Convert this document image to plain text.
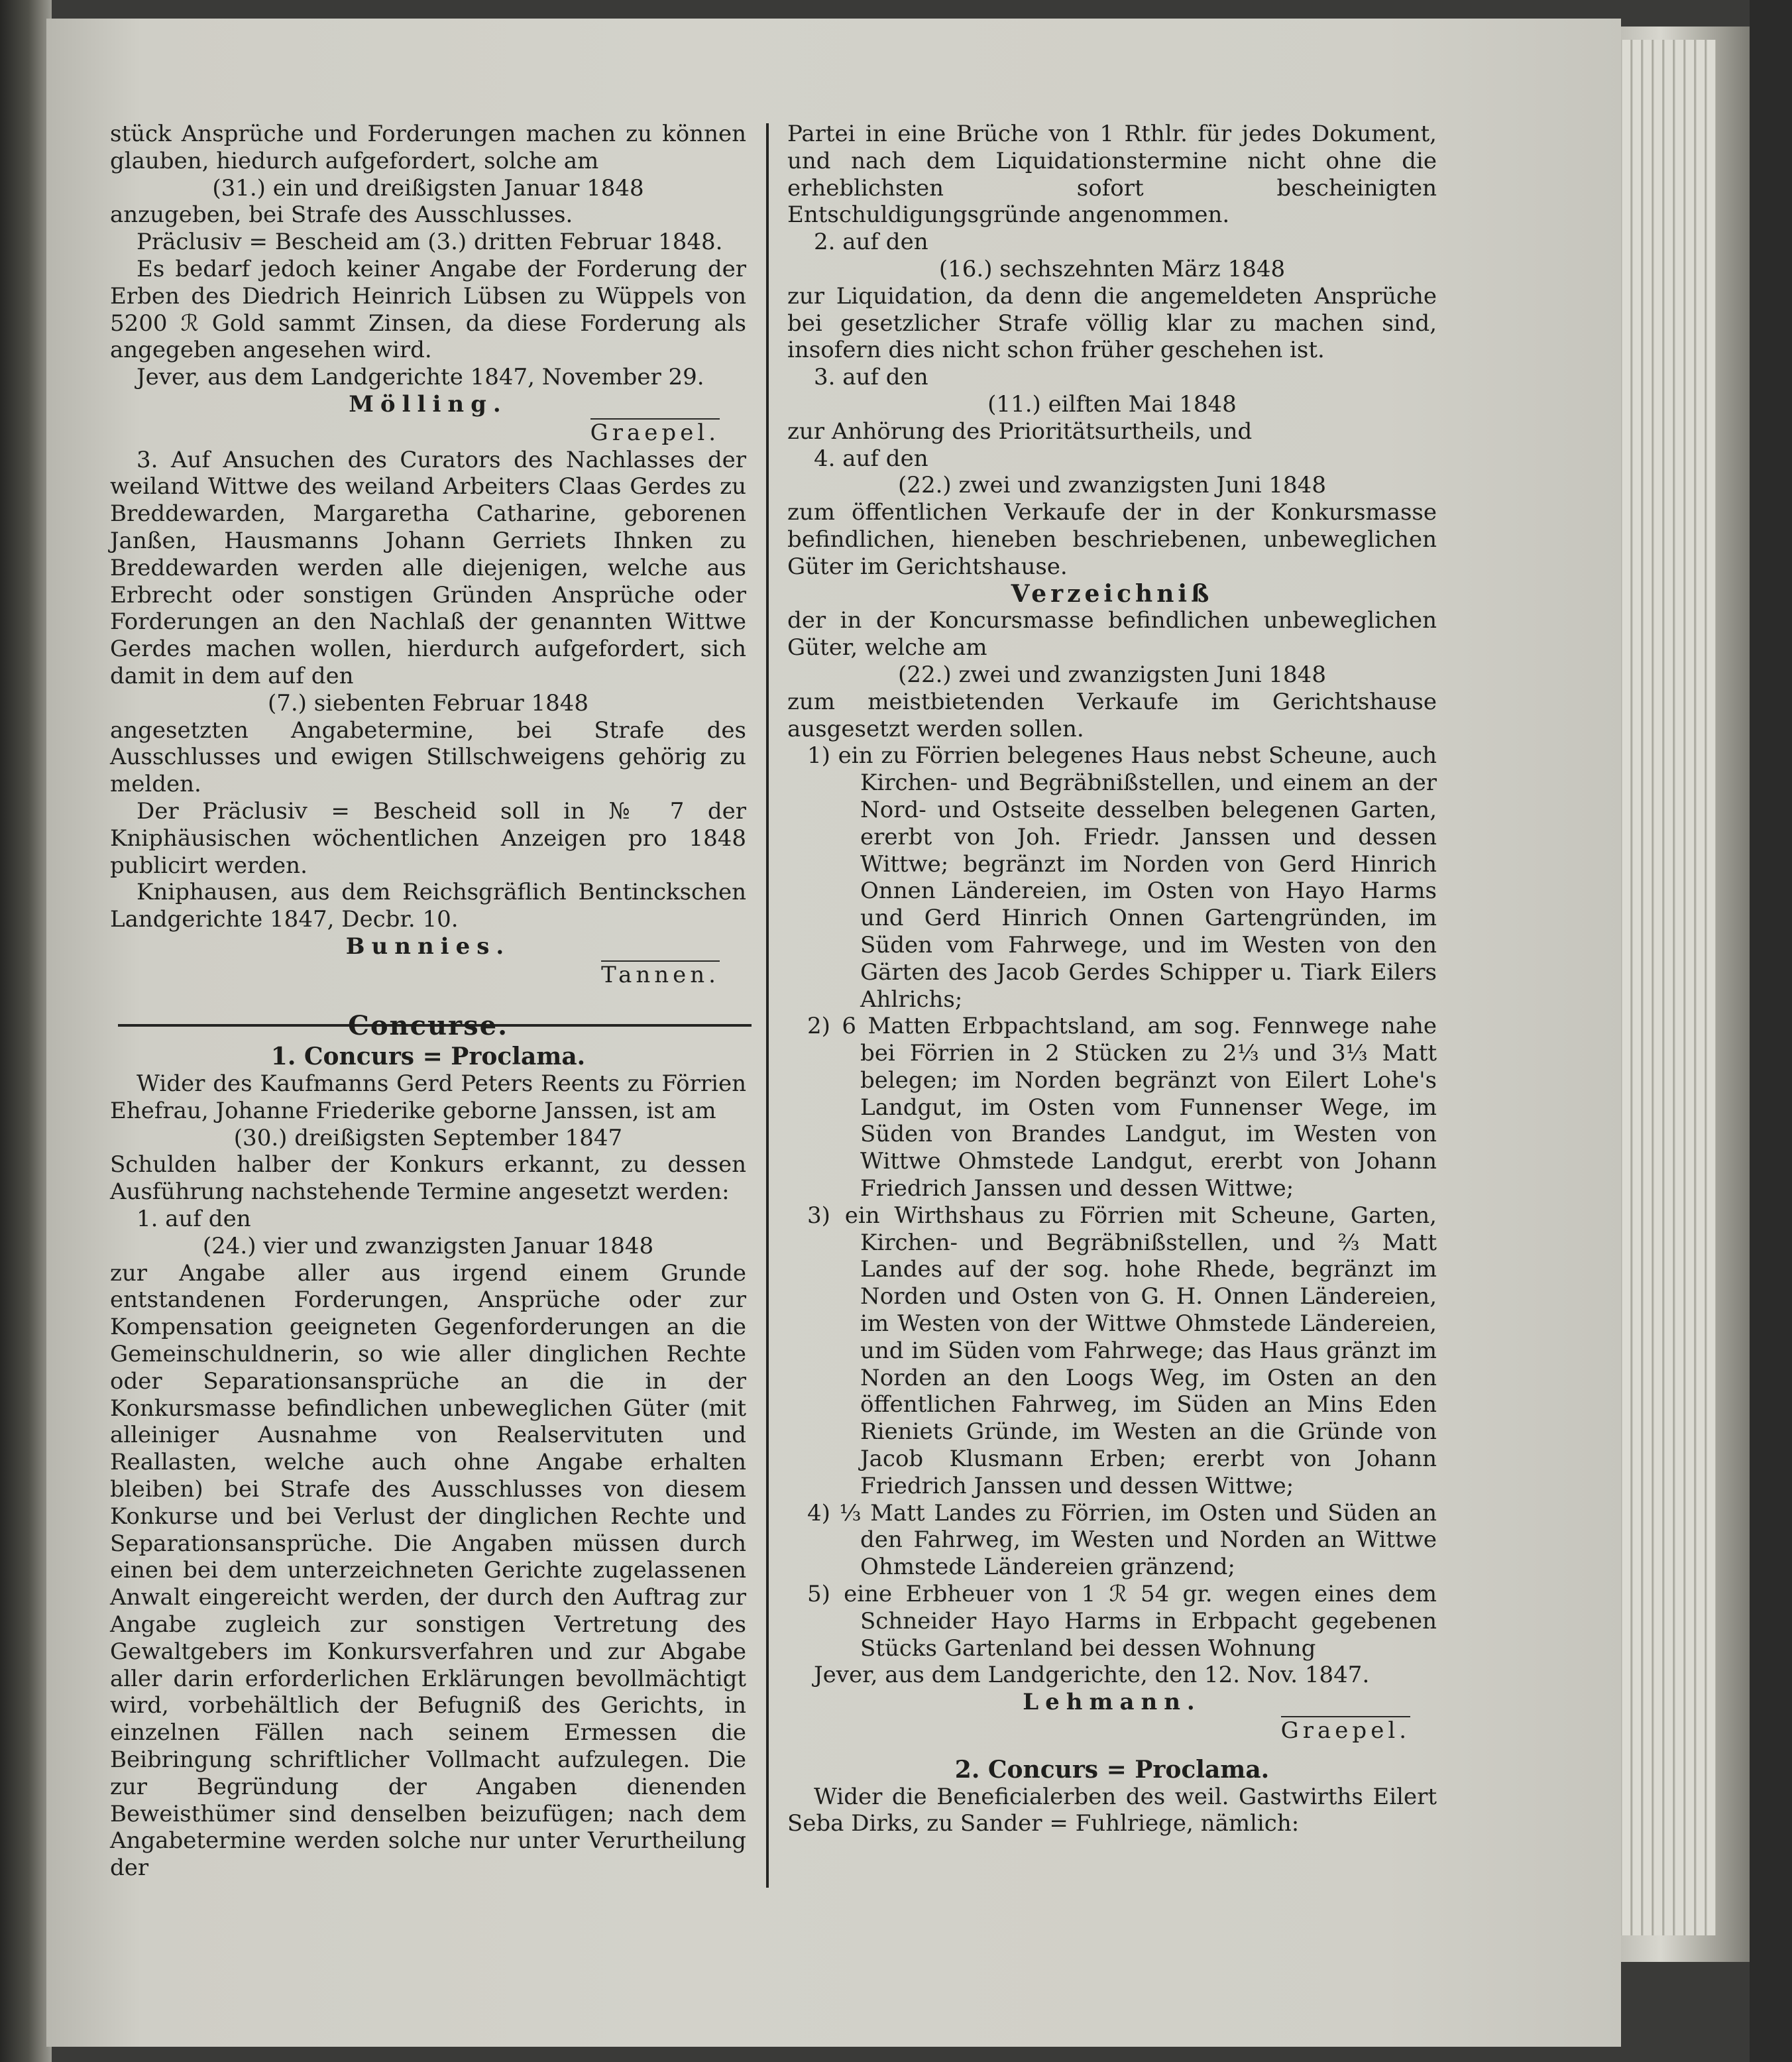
stück Ansprüche und Forderungen machen zu können glauben, hiedurch aufgefordert, solche am

(31.) ein und dreißigsten Januar 1848

anzugeben, bei Strafe des Ausschlusses.

Präclusiv = Bescheid am (3.) dritten Februar 1848.

Es bedarf jedoch keiner Angabe der Forderung der Erben des Diedrich Heinrich Lübsen zu Wüppels von 5200 ℛ Gold sammt Zinsen, da diese Forderung als angegeben angesehen wird.

Jever, aus dem Landgerichte 1847, November 29.

Mölling.

Graepel.

3. Auf Ansuchen des Curators des Nachlasses der weiland Wittwe des weiland Arbeiters Claas Gerdes zu Breddewarden, Margaretha Catharine, geborenen Janßen, Hausmanns Johann Gerriets Ihnken zu Breddewarden werden alle diejenigen, welche aus Erbrecht oder sonstigen Gründen Ansprüche oder Forderungen an den Nachlaß der genannten Wittwe Gerdes machen wollen, hierdurch aufgefordert, sich damit in dem auf den

(7.) siebenten Februar 1848

angesetzten Angabetermine, bei Strafe des Ausschlusses und ewigen Stillschweigens gehörig zu melden.

Der Präclusiv = Bescheid soll in № 7 der Kniphäusischen wöchentlichen Anzeigen pro 1848 publicirt werden.

Kniphausen, aus dem Reichsgräflich Bentinckschen Landgerichte 1847, Decbr. 10.

Bunnies.

Tannen.

Concurse.

1. Concurs = Proclama.

Wider des Kaufmanns Gerd Peters Reents zu Förrien Ehefrau, Johanne Friederike geborne Janssen, ist am

(30.) dreißigsten September 1847

Schulden halber der Konkurs erkannt, zu dessen Ausführung nachstehende Termine angesetzt werden:

1. auf den

(24.) vier und zwanzigsten Januar 1848

zur Angabe aller aus irgend einem Grunde entstandenen Forderungen, Ansprüche oder zur Kompensation geeigneten Gegenforderungen an die Gemeinschuldnerin, so wie aller dinglichen Rechte oder Separationsansprüche an die in der Konkursmasse befindlichen unbeweglichen Güter (mit alleiniger Ausnahme von Realservituten und Reallasten, welche auch ohne Angabe erhalten bleiben) bei Strafe des Ausschlusses von diesem Konkurse und bei Verlust der dinglichen Rechte und Separationsansprüche. Die Angaben müssen durch einen bei dem unterzeichneten Gerichte zugelassenen Anwalt eingereicht werden, der durch den Auftrag zur Angabe zugleich zur sonstigen Vertretung des Gewaltgebers im Konkursverfahren und zur Abgabe aller darin erforderlichen Erklärungen bevollmächtigt wird, vorbehältlich der Befugniß des Gerichts, in einzelnen Fällen nach seinem Ermessen die Beibringung schriftlicher Vollmacht aufzulegen. Die zur Begründung der Angaben dienenden Beweisthümer sind denselben beizufügen; nach dem Angabetermine werden solche nur unter Verurtheilung der

Partei in eine Brüche von 1 Rthlr. für jedes Dokument, und nach dem Liquidationstermine nicht ohne die erheblichsten sofort bescheinigten Entschuldigungsgründe angenommen.

2. auf den

(16.) sechszehnten März 1848

zur Liquidation, da denn die angemeldeten Ansprüche bei gesetzlicher Strafe völlig klar zu machen sind, insofern dies nicht schon früher geschehen ist.

3. auf den

(11.) eilften Mai 1848

zur Anhörung des Prioritätsurtheils, und

4. auf den

(22.) zwei und zwanzigsten Juni 1848

zum öffentlichen Verkaufe der in der Konkursmasse befindlichen, hieneben beschriebenen, unbeweglichen Güter im Gerichtshause.

Verzeichniß

der in der Koncursmasse befindlichen unbeweglichen Güter, welche am

(22.) zwei und zwanzigsten Juni 1848

zum meistbietenden Verkaufe im Gerichtshause ausgesetzt werden sollen.

1) ein zu Förrien belegenes Haus nebst Scheune, auch Kirchen- und Begräbnißstellen, und einem an der Nord- und Ostseite desselben belegenen Garten, ererbt von Joh. Friedr. Janssen und dessen Wittwe; begränzt im Norden von Gerd Hinrich Onnen Ländereien, im Osten von Hayo Harms und Gerd Hinrich Onnen Gartengründen, im Süden vom Fahrwege, und im Westen von den Gärten des Jacob Gerdes Schipper u. Tiark Eilers Ahlrichs;

2) 6 Matten Erbpachtsland, am sog. Fennwege nahe bei Förrien in 2 Stücken zu 2⅓ und 3⅓ Matt belegen; im Norden begränzt von Eilert Lohe's Landgut, im Osten vom Funnenser Wege, im Süden von Brandes Landgut, im Westen von Wittwe Ohmstede Landgut, ererbt von Johann Friedrich Janssen und dessen Wittwe;

3) ein Wirthshaus zu Förrien mit Scheune, Garten, Kirchen- und Begräbnißstellen, und ⅔ Matt Landes auf der sog. hohe Rhede, begränzt im Norden und Osten von G. H. Onnen Ländereien, im Westen von der Wittwe Ohmstede Ländereien, und im Süden vom Fahrwege; das Haus gränzt im Norden an den Loogs Weg, im Osten an den öffentlichen Fahrweg, im Süden an Mins Eden Rieniets Gründe, im Westen an die Gründe von Jacob Klusmann Erben; ererbt von Johann Friedrich Janssen und dessen Wittwe;

4) ⅓ Matt Landes zu Förrien, im Osten und Süden an den Fahrweg, im Westen und Norden an Wittwe Ohmstede Ländereien gränzend;

5) eine Erbheuer von 1 ℛ 54 gr. wegen eines dem Schneider Hayo Harms in Erbpacht gegebenen Stücks Gartenland bei dessen Wohnung

Jever, aus dem Landgerichte, den 12. Nov. 1847.

Lehmann.

Graepel.

2. Concurs = Proclama.

Wider die Beneficialerben des weil. Gastwirths Eilert Seba Dirks, zu Sander = Fuhlriege, nämlich:
